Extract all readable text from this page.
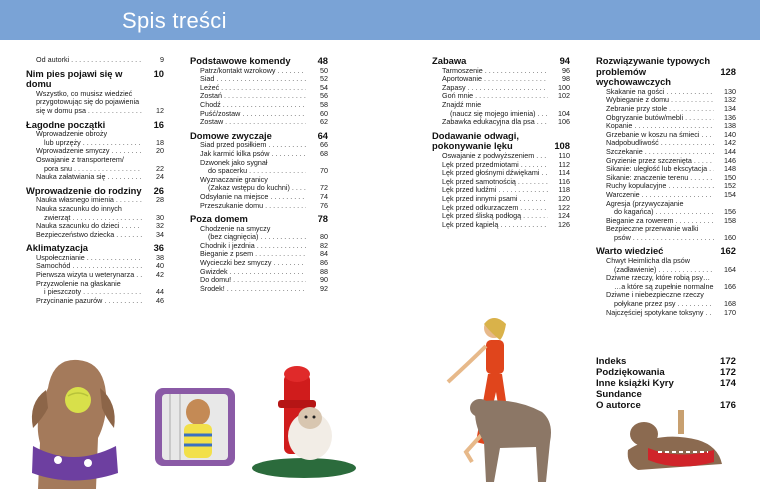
Spis treści
Od autorki . . .	9
Nim pies pojawi się w domu
10
Wszystko, co musisz wiedzieć
przygotowując się do pojawienia
się w domu psa . . .	12
Łagodne początki	16
Wprowadzenie obroży
lub uprzęży . . .	18
Wprowadzenie smyczy . . .	20
Oswajanie z transporterem/
pora snu . . .	22
Nauka załatwiania się . . .	24
Wprowadzenie do rodziny	26
Nauka własnego imienia . . .	28
Nauka szacunku do innych
zwierząt . . .	30
Nauka szacunku do dzieci . . .	32
Bezpieczeństwo dziecka . . .	34
Aklimatyzacja	36
Uspołecznianie . . .	38
Samochód . . .	40
Pierwsza wizyta u weterynarza . . .	42
Przyzwolenie na głaskanie
i pieszczoty . . .	44
Przycinanie pazurów . . .	46
Podstawowe komendy	48
Patrz/kontakt wzrokowy . . .	50
Siad . . .	52
Leżeć . . .	54
Zostań . . .	56
Chodź . . .	58
Puść/zostaw . . .	60
Zostaw . . .	62
Domowe zwyczaje	64
Siad przed posiłkiem . . .	66
Jak karmić kilka psów . . .	68
Dzwonek jako sygnał
do spacerku . . .	70
Wyznaczanie granicy
(Zakaz wstępu do kuchni) . . .	72
Odsyłanie na miejsce . . .	74
Przeszukanie domu . . .	76
Poza domem	78
Chodzenie na smyczy
(bez ciągnięcia) . . .	80
Chodnik i jezdnia . . .	82
Bieganie z psem . . .	84
Wycieczki bez smyczy . . .	86
Gwizdek . . .	88
Do domu! . . .	90
Środek! . . .	92
Zabawa	94
Tarmoszenie . . .	96
Aportowanie . . .	98
Zapasy . . .	100
Goń mnie . . .	102
Znajdź mnie
(naucz się mojego imienia) . . .	104
Zabawka edukacyjna dla psa . . .	106
Dodawanie odwagi,
pokonywanie lęku	108
Oswajanie z podwyższeniem . . .	110
Lęk przed przedmiotami . . .	112
Lęk przed głośnymi dźwiękami . . .	114
Lęk przed samotnością . . .	116
Lęk przed ludźmi . . .	118
Lęk przed innymi psami . . .	120
Lęk przed odkurzaczem . . .	122
Lęk przed śliską podłogą . . .	124
Lęk przed kąpielą . . .	126
Rozwiązywanie typowych
problemów wychowawczych
128
Skakanie na gości . . .	130
Wybieganie z domu . . .	132
Żebranie przy stole . . .	134
Obgryzanie butów/mebli . . .	136
Kopanie . . .	138
Grzebanie w koszu na śmieci . . .	140
Nadpobudliwość . . .	142
Szczekanie . . .	144
Gryzienie przez szczenięta . . .	146
Sikanie: uległość lub ekscytacja . . .	148
Sikanie: znaczenie terenu . . .	150
Ruchy kopulacyjne . . .	152
Warczenie . . .	154
Agresja (przywyczajanie
do kagańca) . . .	156
Bieganie za rowerem . . .	158
Bezpieczne przerwanie walki
psów . . .	160
Warto wiedzieć	162
Chwyt Heimlicha dla psów
(zadławienie) . . .	164
Dziwne rzeczy, które robią psy…
…a które są zupełnie normalne . . .	166
Dziwne i niebezpieczne rzeczy
połykane przez psy . . .	168
Najczęściej spotykane toksyny . . .	170
Indeks	172
Podziękowania	172
Inne książki Kyry Sundance
174
O autorce	176
